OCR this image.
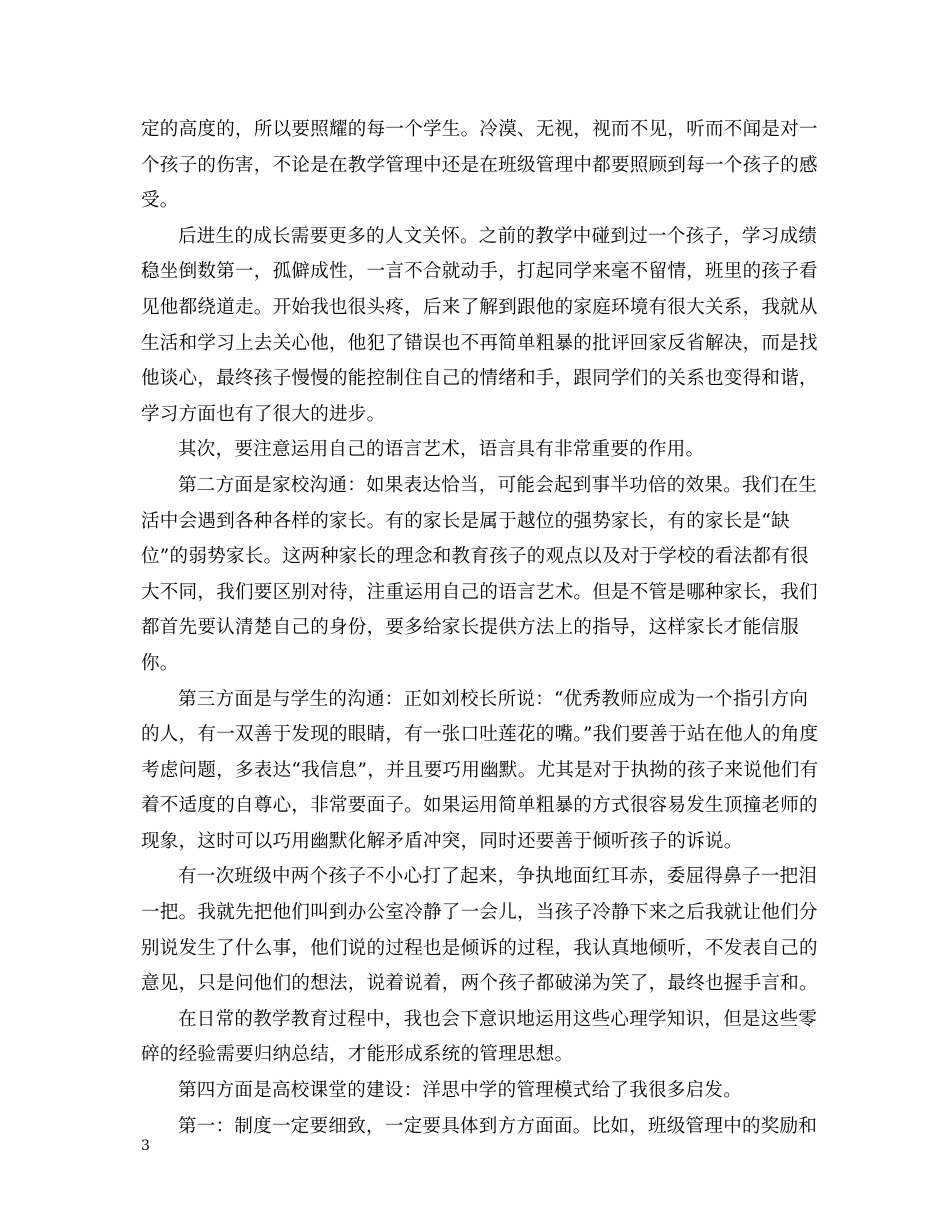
定的高度的，所以要照耀的每一个学生。冷漠、无视，视而不见，听而不闻是对一个孩子的伤害，不论是在教学管理中还是在班级管理中都要照顾到每一个孩子的感受。

后进生的成长需要更多的人文关怀。之前的教学中碰到过一个孩子，学习成绩稳坐倒数第一，孤僻成性，一言不合就动手，打起同学来毫不留情，班里的孩子看见他都绕道走。开始我也很头疼，后来了解到跟他的家庭环境有很大关系，我就从生活和学习上去关心他，他犯了错误也不再简单粗暴的批评回家反省解决，而是找他谈心，最终孩子慢慢的能控制住自己的情绪和手，跟同学们的关系也变得和谐，学习方面也有了很大的进步。

其次，要注意运用自己的语言艺术，语言具有非常重要的作用。

第二方面是家校沟通：如果表达恰当，可能会起到事半功倍的效果。我们在生活中会遇到各种各样的家长。有的家长是属于越位的强势家长，有的家长是“缺位”的弱势家长。这两种家长的理念和教育孩子的观点以及对于学校的看法都有很大不同，我们要区别对待，注重运用自己的语言艺术。但是不管是哪种家长，我们都首先要认清楚自己的身份，要多给家长提供方法上的指导，这样家长才能信服你。

第三方面是与学生的沟通：正如刘校长所说：“优秀教师应成为一个指引方向的人，有一双善于发现的眼睛，有一张口吐莲花的嘴。”我们要善于站在他人的角度考虑问题，多表达“我信息”，并且要巧用幽默。尤其是对于执拗的孩子来说他们有着不适度的自尊心，非常要面子。如果运用简单粗暴的方式很容易发生顶撞老师的现象，这时可以巧用幽默化解矛盾冲突，同时还要善于倾听孩子的诉说。

有一次班级中两个孩子不小心打了起来，争执地面红耳赤，委屈得鼻子一把泪一把。我就先把他们叫到办公室冷静了一会儿，当孩子冷静下来之后我就让他们分别说发生了什么事，他们说的过程也是倾诉的过程，我认真地倾听，不发表自己的意见，只是问他们的想法，说着说着，两个孩子都破涕为笑了，最终也握手言和。

在日常的教学教育过程中，我也会下意识地运用这些心理学知识，但是这些零碎的经验需要归纳总结，才能形成系统的管理思想。

第四方面是高校课堂的建设：洋思中学的管理模式给了我很多启发。

第一：制度一定要细致，一定要具体到方方面面。比如，班级管理中的奖励和

3
